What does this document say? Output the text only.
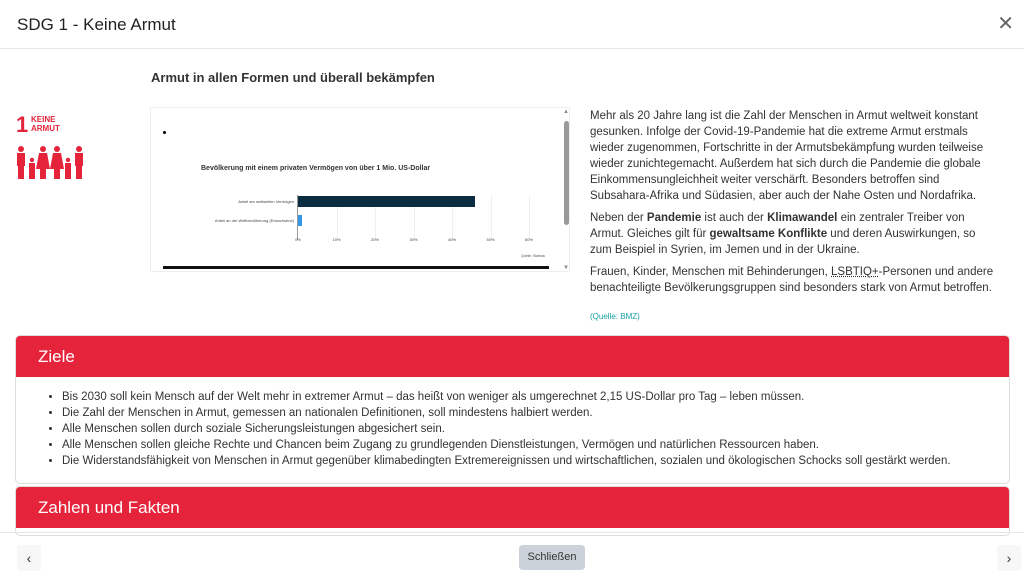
SDG 1 - Keine Armut	✕
Armut in allen Formen und überall bekämpfen
1 KEINE ARMUT
Bevölkerung mit einem privaten Vermögen von über 1 Mio. US-Dollar
Quelle: Statista
▲
▼
0%	10%	20%	30%	40%	50%	60%
Anteil am weltweiten Vermögen
Anteil an der Weltbevölkerung (Erwachsene)

Mehr als 20 Jahre lang ist die Zahl der Menschen in Armut weltweit konstant gesunken. Infolge der Covid-19-Pandemie hat die extreme Armut erstmals wieder zugenommen, Fortschritte in der Armutsbekämpfung wurden teilweise wieder zunichtegemacht. Außerdem hat sich durch die Pandemie die globale Einkommensungleichheit weiter verschärft. Besonders betroffen sind Subsahara-Afrika und Südasien, aber auch der Nahe Osten und Nordafrika.

Neben der Pandemie ist auch der Klimawandel ein zentraler Treiber von Armut. Gleiches gilt für gewaltsame Konflikte und deren Auswirkungen, so zum Beispiel in Syrien, im Jemen und in der Ukraine.

Frauen, Kinder, Menschen mit Behinderungen, LSBTIQ+-Personen und andere benachteiligte Bevölkerungsgruppen sind besonders stark von Armut betroffen.

(Quelle: BMZ)
Ziele
• Bis 2030 soll kein Mensch auf der Welt mehr in extremer Armut – das heißt von weniger als umgerechnet 2,15 US-Dollar pro Tag – leben müssen.
• Die Zahl der Menschen in Armut, gemessen an nationalen Definitionen, soll mindestens halbiert werden.
• Alle Menschen sollen durch soziale Sicherungsleistungen abgesichert sein.
• Alle Menschen sollen gleiche Rechte und Chancen beim Zugang zu grundlegenden Dienstleistungen, Vermögen und natürlichen Ressourcen haben.
• Die Widerstandsfähigkeit von Menschen in Armut gegenüber klimabedingten Extremereignissen und wirtschaftlichen, sozialen und ökologischen Schocks soll gestärkt werden.
Zahlen und Fakten
‹	Schließen	›
